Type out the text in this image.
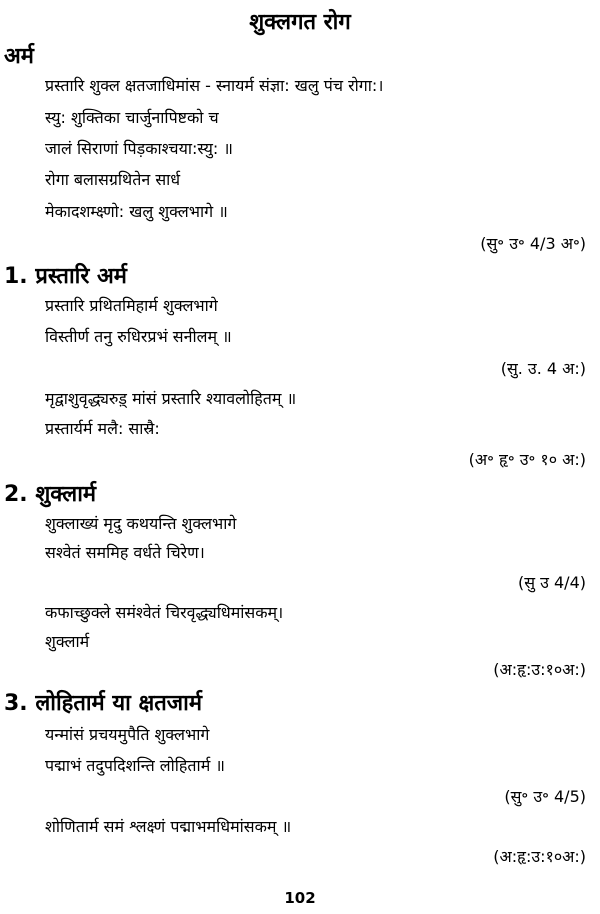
शुक्लगत रोग
अर्म
प्रस्तारि शुक्ल क्षतजाधिमांस - स्नायर्म संज्ञा: खलु पंच रोगा:।
स्यु: शुक्तिका चार्जुनापिष्टको च
जालं सिराणां पिड़काश्चया:स्यु: ॥
रोगा बलासग्रथितेन सार्ध
मेकादशम्क्ष्णो: खलु शुक्लभागे ॥
(सु॰ उ॰ 4/3 अ॰)
1. प्रस्तारि अर्म
प्रस्तारि प्रथितमिहार्म शुक्लभागे
विस्तीर्ण तनु रुधिरप्रभं सनीलम् ॥
(सु. उ. 4 अ:)
मृद्वाशुवृद्ध्यरुड़् मांसं प्रस्तारि श्यावलोहितम् ॥
प्रस्तार्यर्म मलै: सास्रै:
(अ॰ हृ॰ उ॰ १० अ:)
2. शुक्लार्म
शुक्लाख्यं मृदु कथयन्ति शुक्लभागे
सश्वेतं सममिह वर्धते चिरेण।
(सु उ 4/4)
कफाच्छुक्ले समंश्वेतं चिरवृद्ध्यधिमांसकम्।
शुक्लार्म
(अ:हृ:उ:१०अ:)
3. लोहितार्म या क्षतजार्म
यन्मांसं प्रचयमुपैति शुक्लभागे
पद्माभं तदुपदिशन्ति लोहितार्म ॥
(सु॰ उ॰ 4/5)
शोणितार्म समं श्लक्ष्णं पद्माभमधिमांसकम् ॥
(अ:हृ:उ:१०अ:)
102
